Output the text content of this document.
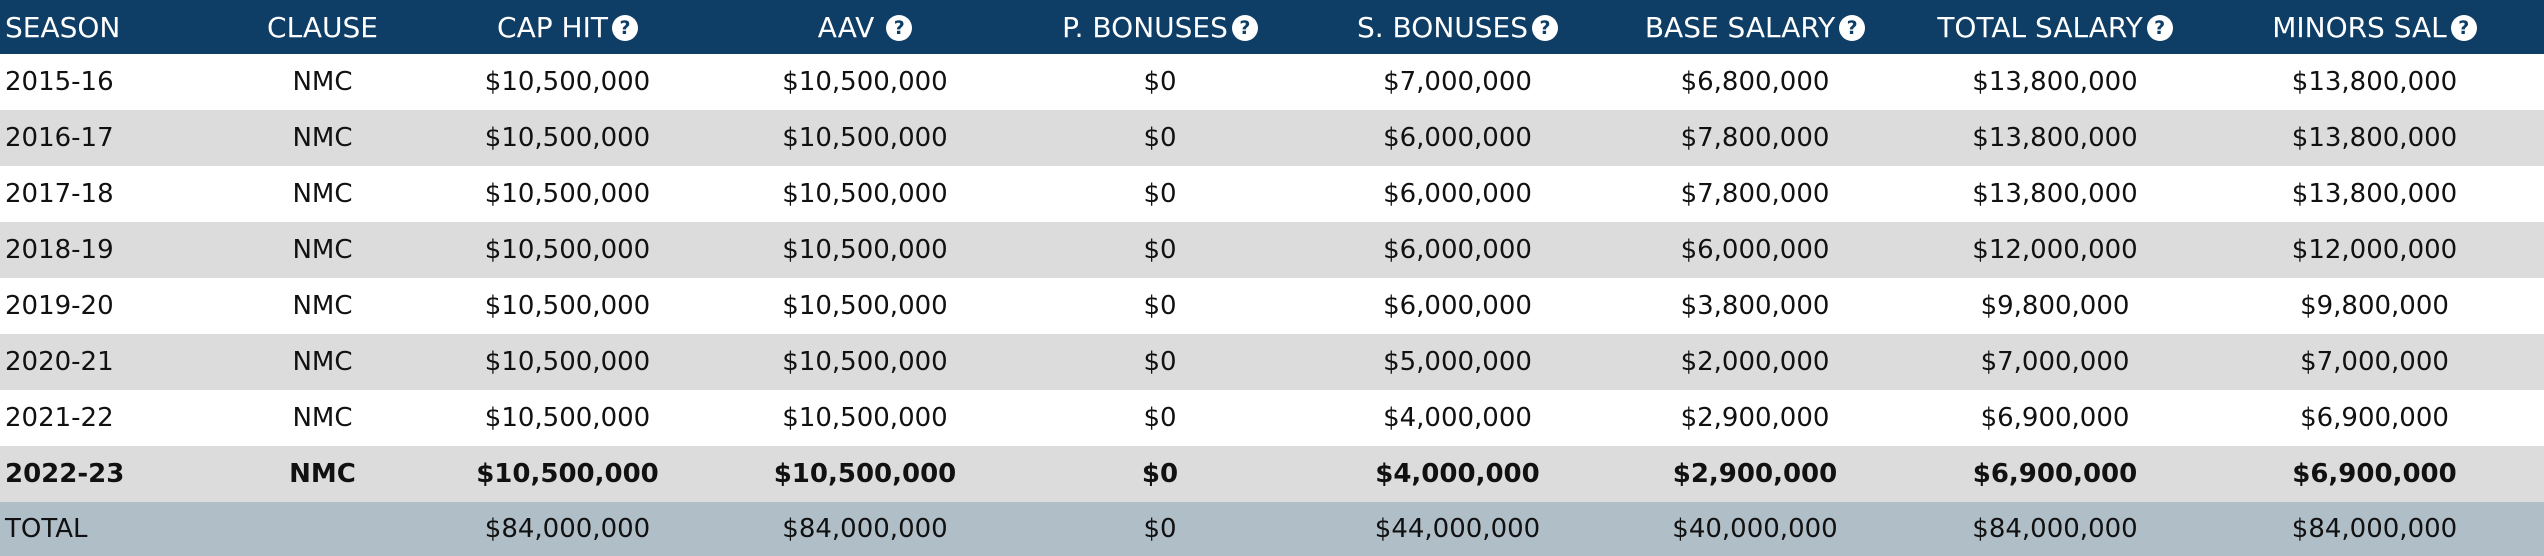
SEASON	CLAUSE	CAP HIT ?	AAV ?	P. BONUSES ?	S. BONUSES ?	BASE SALARY ?	TOTAL SALARY ?	MINORS SAL ?
2015-16	NMC	$10,500,000	$10,500,000	$0	$7,000,000	$6,800,000	$13,800,000	$13,800,000
2016-17	NMC	$10,500,000	$10,500,000	$0	$6,000,000	$7,800,000	$13,800,000	$13,800,000
2017-18	NMC	$10,500,000	$10,500,000	$0	$6,000,000	$7,800,000	$13,800,000	$13,800,000
2018-19	NMC	$10,500,000	$10,500,000	$0	$6,000,000	$6,000,000	$12,000,000	$12,000,000
2019-20	NMC	$10,500,000	$10,500,000	$0	$6,000,000	$3,800,000	$9,800,000	$9,800,000
2020-21	NMC	$10,500,000	$10,500,000	$0	$5,000,000	$2,000,000	$7,000,000	$7,000,000
2021-22	NMC	$10,500,000	$10,500,000	$0	$4,000,000	$2,900,000	$6,900,000	$6,900,000
2022-23	NMC	$10,500,000	$10,500,000	$0	$4,000,000	$2,900,000	$6,900,000	$6,900,000
TOTAL		$84,000,000	$84,000,000	$0	$44,000,000	$40,000,000	$84,000,000	$84,000,000
